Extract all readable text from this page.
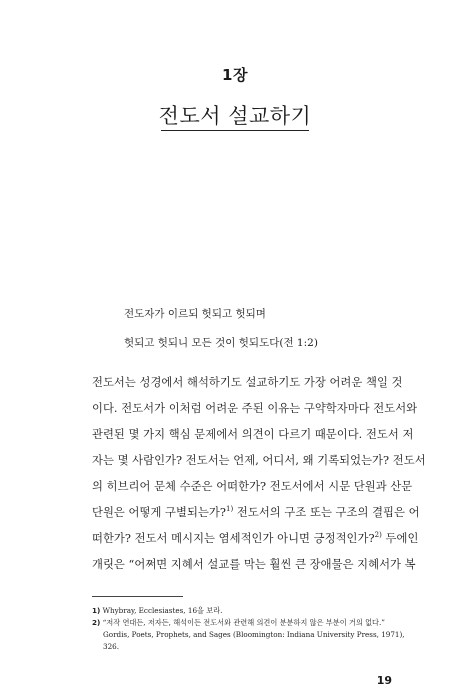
1장
전도서 설교하기
전도자가 이르되 헛되고 헛되며
헛되고 헛되니 모든 것이 헛되도다(전 1:2)
전도서는 성경에서 해석하기도 설교하기도 가장 어려운 책일 것
이다. 전도서가 이처럼 어려운 주된 이유는 구약학자마다 전도서와
관련된 몇 가지 핵심 문제에서 의견이 다르기 때문이다. 전도서 저
자는 몇 사람인가? 전도서는 언제, 어디서, 왜 기록되었는가? 전도서
의 히브리어 문체 수준은 어떠한가? 전도서에서 시문 단원과 산문
단원은 어떻게 구별되는가?$^{1)}$ 전도서의 구조 또는 구조의 결핍은 어
떠한가? 전도서 메시지는 염세적인가 아니면 긍정적인가?$^{2)}$ 두에인
개릿은 “어쩌면 지혜서 설교를 막는 훨씬 큰 장애물은 지혜서가 복
1) Whybray, Ecclesiastes, 16을 보라.
2) “저작 연대든, 저자든, 해석이든 전도서와 관련해 의견이 분분하지 않은 부분이 거의 없다.”
Gordis, Poets, Prophets, and Sages (Bloomington: Indiana University Press, 1971),
326.
19
